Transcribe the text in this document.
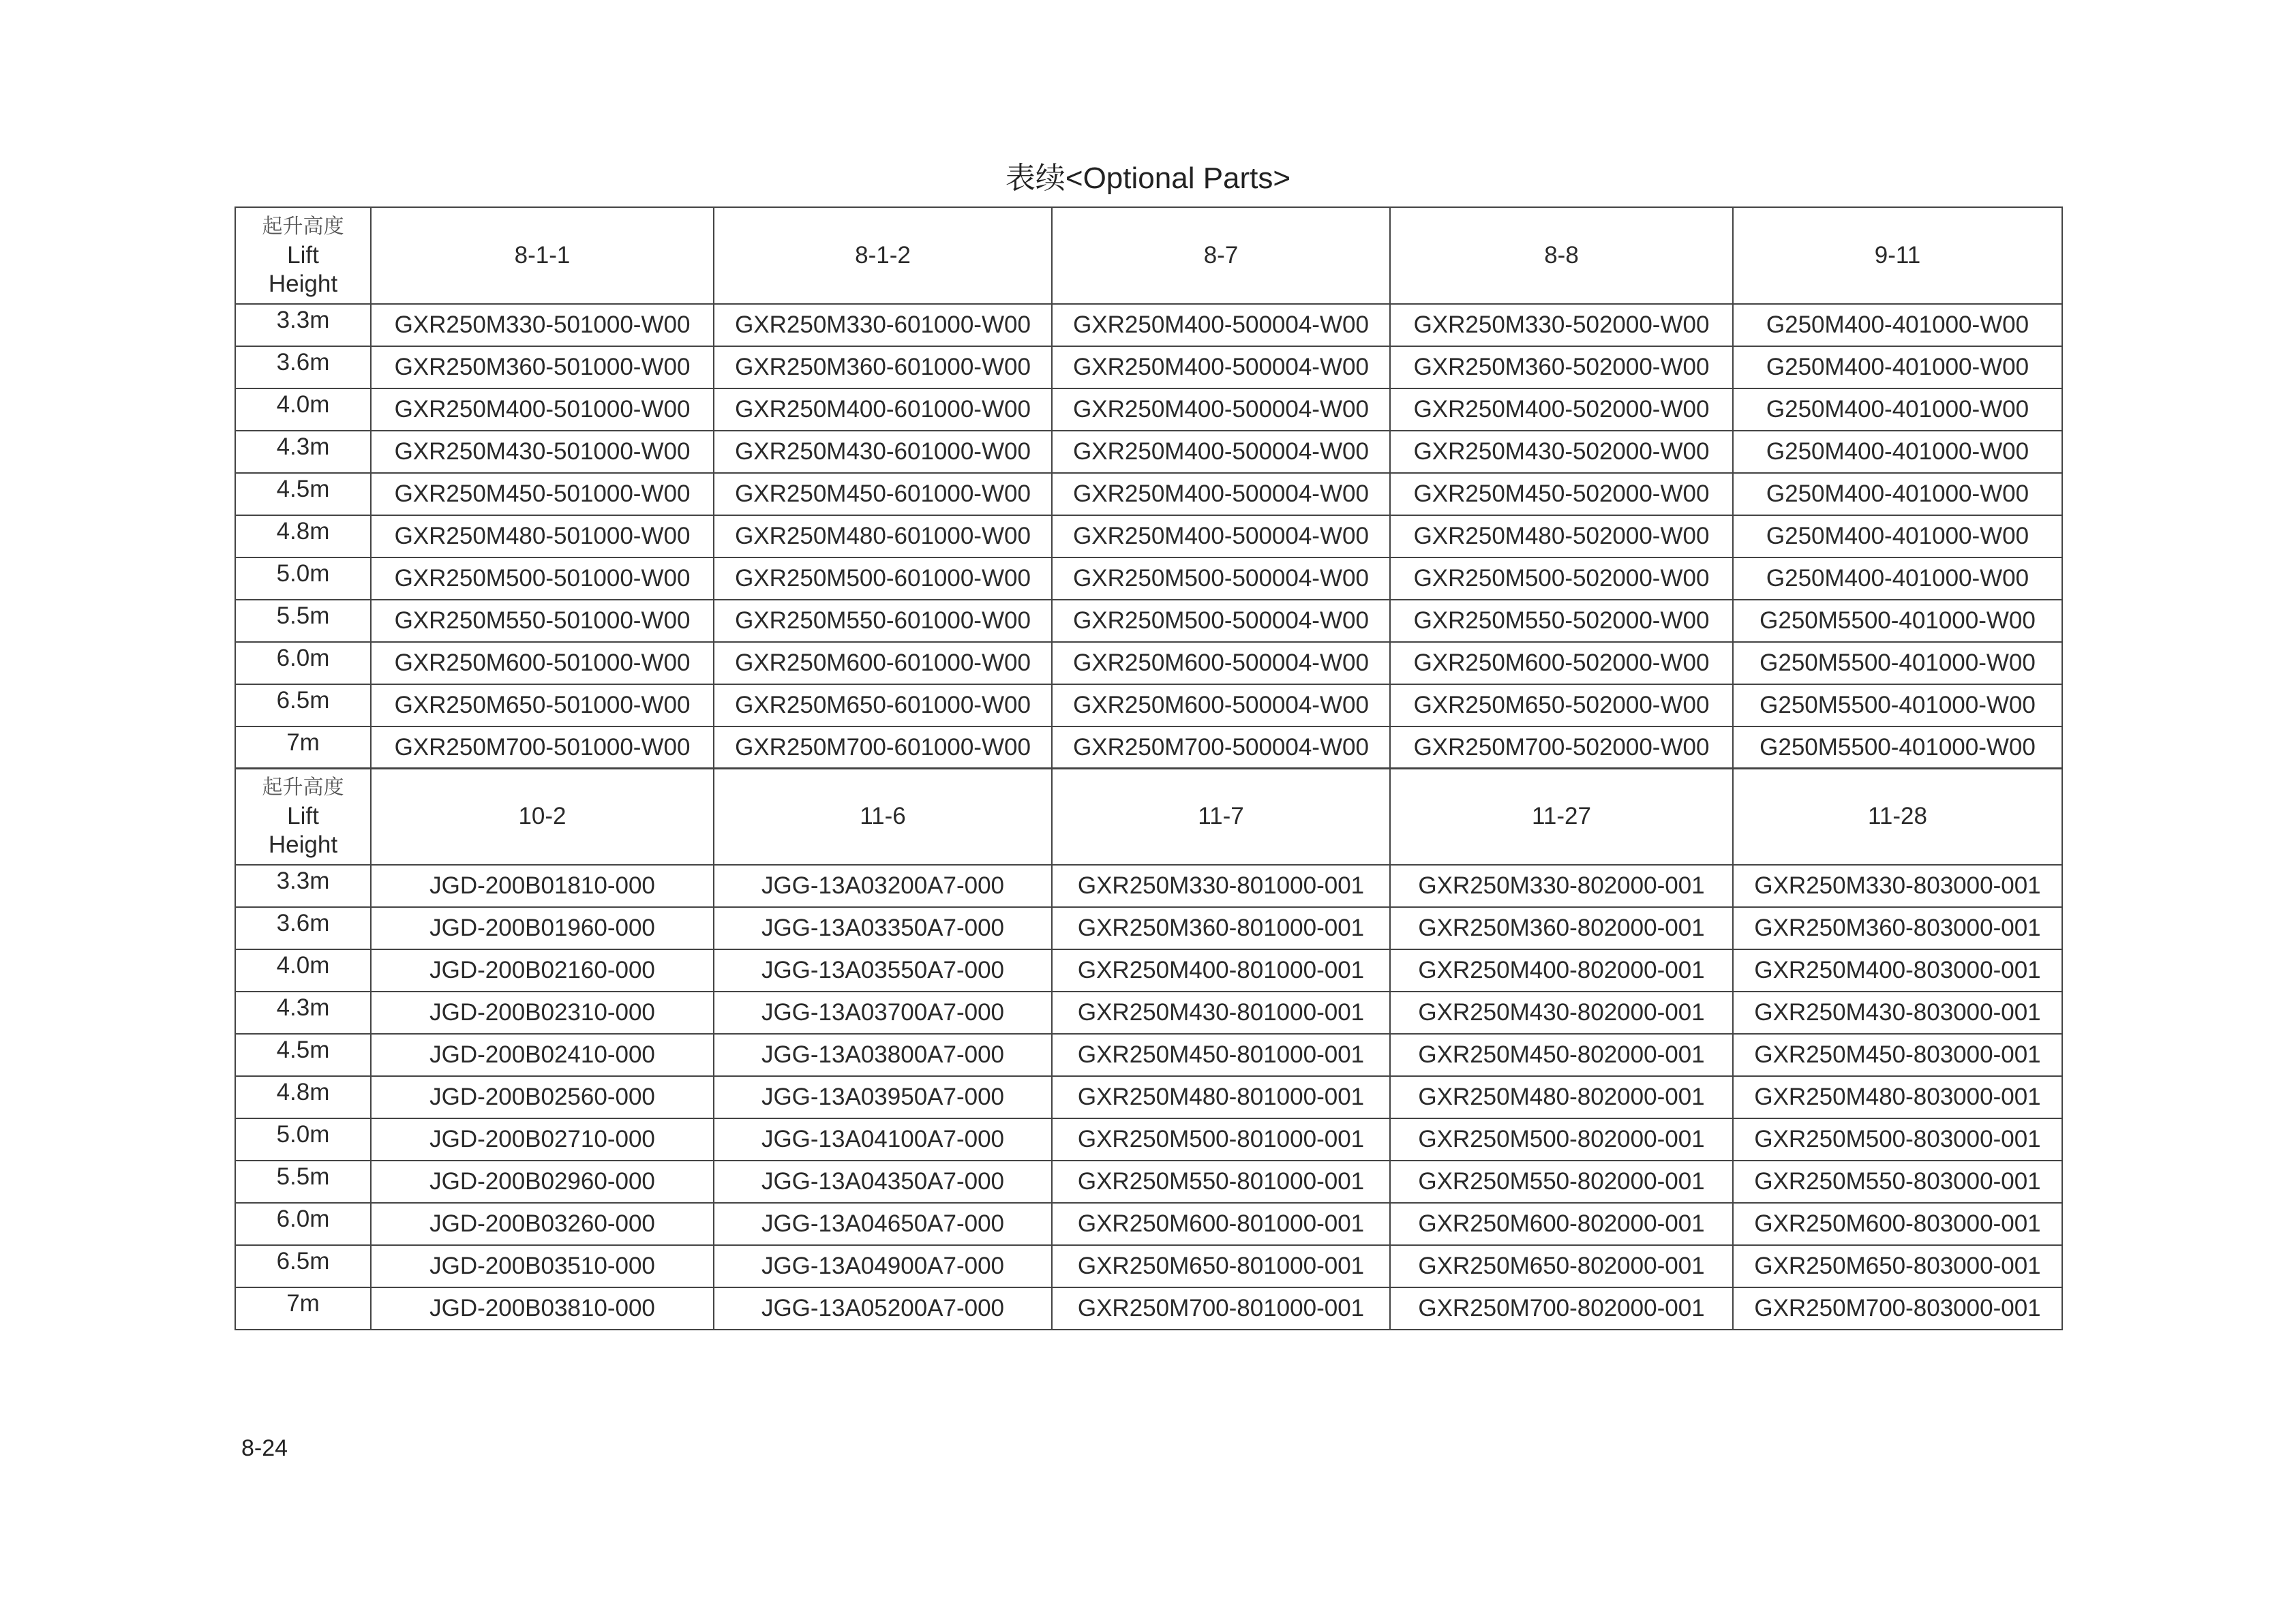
表续<Optional Parts>
起升高度
Lift
Height	8-1-1	8-1-2	8-7	8-8	9-11
3.3m	GXR250M330-501000-W00	GXR250M330-601000-W00	GXR250M400-500004-W00	GXR250M330-502000-W00	G250M400-401000-W00
3.6m	GXR250M360-501000-W00	GXR250M360-601000-W00	GXR250M400-500004-W00	GXR250M360-502000-W00	G250M400-401000-W00
4.0m	GXR250M400-501000-W00	GXR250M400-601000-W00	GXR250M400-500004-W00	GXR250M400-502000-W00	G250M400-401000-W00
4.3m	GXR250M430-501000-W00	GXR250M430-601000-W00	GXR250M400-500004-W00	GXR250M430-502000-W00	G250M400-401000-W00
4.5m	GXR250M450-501000-W00	GXR250M450-601000-W00	GXR250M400-500004-W00	GXR250M450-502000-W00	G250M400-401000-W00
4.8m	GXR250M480-501000-W00	GXR250M480-601000-W00	GXR250M400-500004-W00	GXR250M480-502000-W00	G250M400-401000-W00
5.0m	GXR250M500-501000-W00	GXR250M500-601000-W00	GXR250M500-500004-W00	GXR250M500-502000-W00	G250M400-401000-W00
5.5m	GXR250M550-501000-W00	GXR250M550-601000-W00	GXR250M500-500004-W00	GXR250M550-502000-W00	G250M5500-401000-W00
6.0m	GXR250M600-501000-W00	GXR250M600-601000-W00	GXR250M600-500004-W00	GXR250M600-502000-W00	G250M5500-401000-W00
6.5m	GXR250M650-501000-W00	GXR250M650-601000-W00	GXR250M600-500004-W00	GXR250M650-502000-W00	G250M5500-401000-W00
7m	GXR250M700-501000-W00	GXR250M700-601000-W00	GXR250M700-500004-W00	GXR250M700-502000-W00	G250M5500-401000-W00
起升高度
Lift
Height	10-2	11-6	11-7	11-27	11-28
3.3m	JGD-200B01810-000	JGG-13A03200A7-000	GXR250M330-801000-001	GXR250M330-802000-001	GXR250M330-803000-001
3.6m	JGD-200B01960-000	JGG-13A03350A7-000	GXR250M360-801000-001	GXR250M360-802000-001	GXR250M360-803000-001
4.0m	JGD-200B02160-000	JGG-13A03550A7-000	GXR250M400-801000-001	GXR250M400-802000-001	GXR250M400-803000-001
4.3m	JGD-200B02310-000	JGG-13A03700A7-000	GXR250M430-801000-001	GXR250M430-802000-001	GXR250M430-803000-001
4.5m	JGD-200B02410-000	JGG-13A03800A7-000	GXR250M450-801000-001	GXR250M450-802000-001	GXR250M450-803000-001
4.8m	JGD-200B02560-000	JGG-13A03950A7-000	GXR250M480-801000-001	GXR250M480-802000-001	GXR250M480-803000-001
5.0m	JGD-200B02710-000	JGG-13A04100A7-000	GXR250M500-801000-001	GXR250M500-802000-001	GXR250M500-803000-001
5.5m	JGD-200B02960-000	JGG-13A04350A7-000	GXR250M550-801000-001	GXR250M550-802000-001	GXR250M550-803000-001
6.0m	JGD-200B03260-000	JGG-13A04650A7-000	GXR250M600-801000-001	GXR250M600-802000-001	GXR250M600-803000-001
6.5m	JGD-200B03510-000	JGG-13A04900A7-000	GXR250M650-801000-001	GXR250M650-802000-001	GXR250M650-803000-001
7m	JGD-200B03810-000	JGG-13A05200A7-000	GXR250M700-801000-001	GXR250M700-802000-001	GXR250M700-803000-001
8-24
